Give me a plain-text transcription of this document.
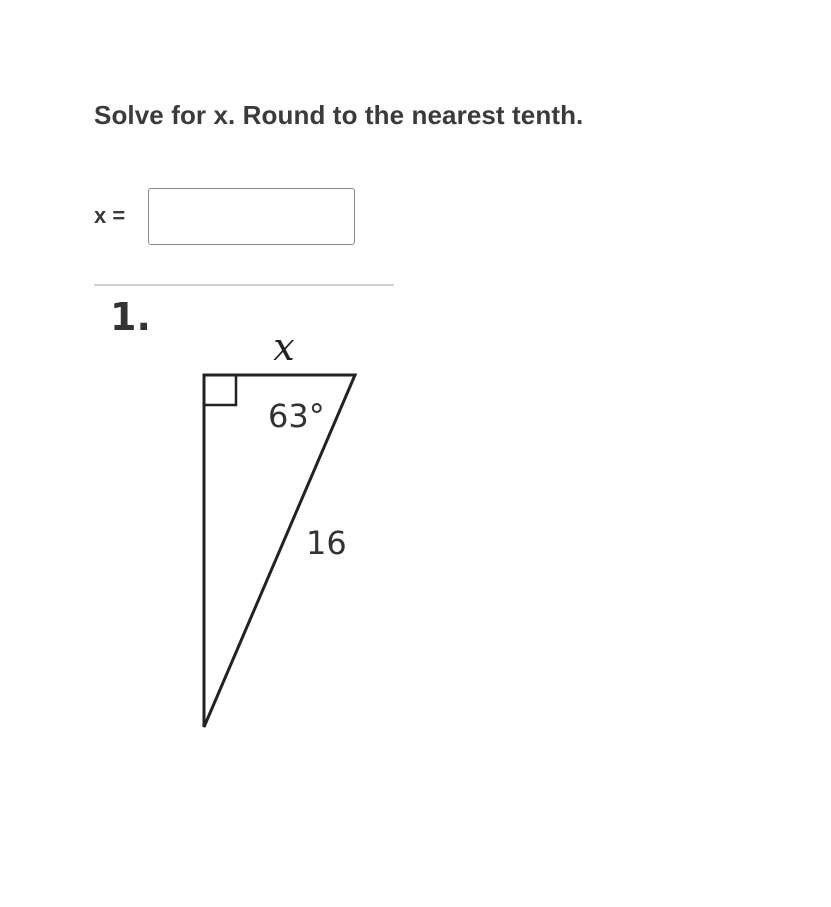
Solve for x. Round to the nearest tenth.
x =
1.
x
63°
16
